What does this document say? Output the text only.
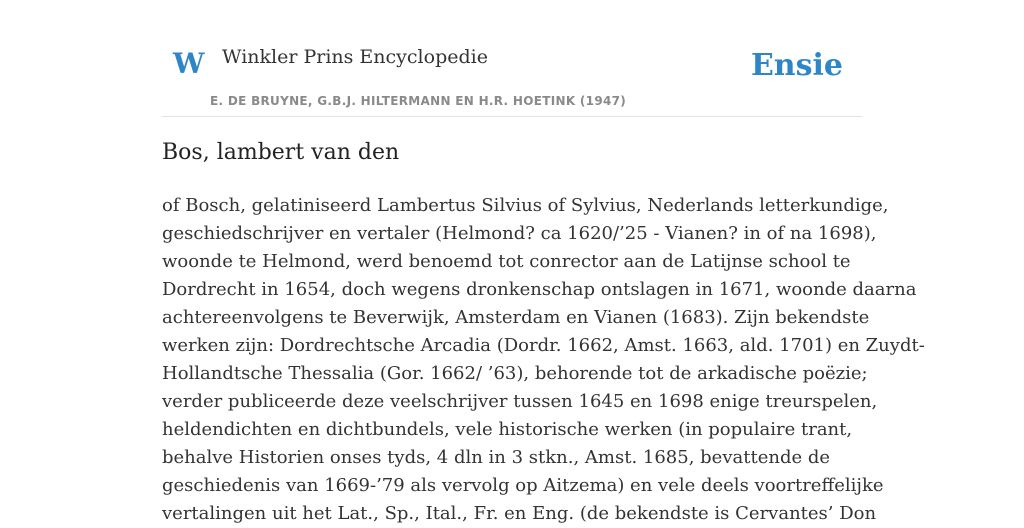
W Winkler Prins Encyclopedie
E. DE BRUYNE, G.B.J. HILTERMANN EN H.R. HOETINK (1947)
Ensie
Bos, lambert van den

of Bosch, gelatiniseerd Lambertus Silvius of Sylvius, Nederlands letterkundige,
geschiedschrijver en vertaler (Helmond? ca 1620/’25 - Vianen? in of na 1698),
woonde te Helmond, werd benoemd tot conrector aan de Latijnse school te
Dordrecht in 1654, doch wegens dronkenschap ontslagen in 1671, woonde daarna
achtereenvolgens te Beverwijk, Amsterdam en Vianen (1683). Zijn bekendste
werken zijn: Dordrechtsche Arcadia (Dordr. 1662, Amst. 1663, ald. 1701) en Zuydt-
Hollandtsche Thessalia (Gor. 1662/ ’63), behorende tot de arkadische poëzie;
verder publiceerde deze veelschrijver tussen 1645 en 1698 enige treurspelen,
heldendichten en dichtbundels, vele historische werken (in populaire trant,
behalve Historien onses tyds, 4 dln in 3 stkn., Amst. 1685, bevattende de
geschiedenis van 1669-’79 als vervolg op Aitzema) en vele deels voortreffelijke
vertalingen uit het Lat., Sp., Ital., Fr. en Eng. (de bekendste is Cervantes’ Don
